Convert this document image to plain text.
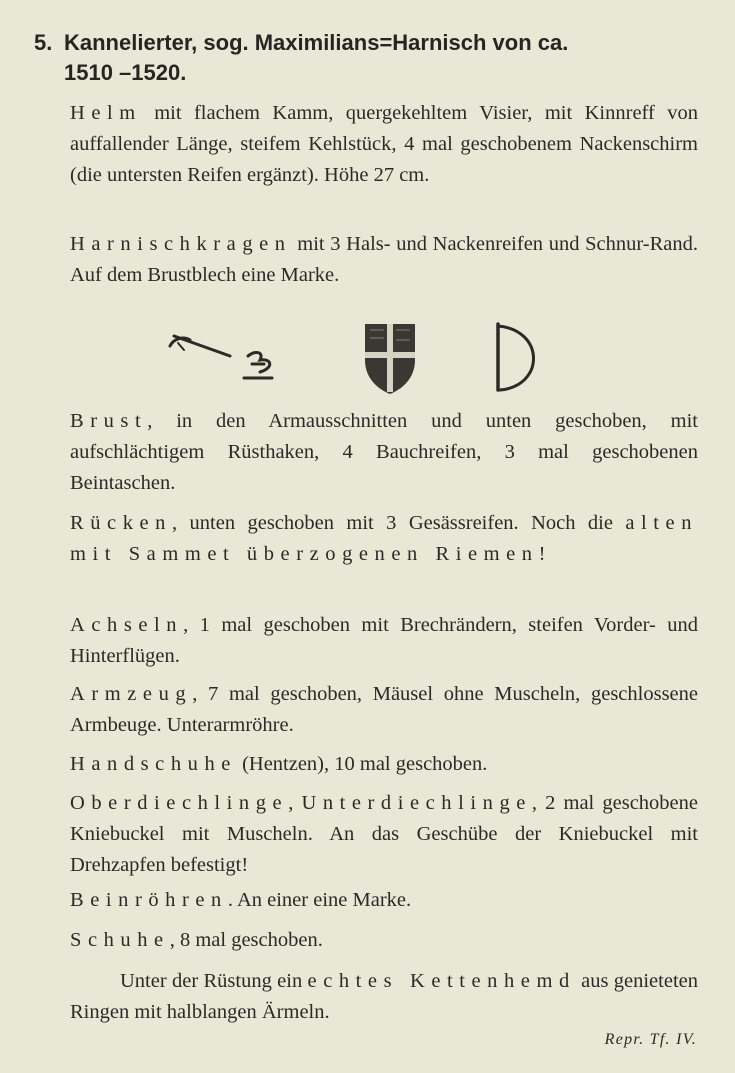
5. Kannelierter, sog. Maximilians=Harnisch von ca.
1510 –1520.

Helm mit flachem Kamm, quergekehltem Visier, mit Kinnreff von auffallender Länge, steifem Kehlstück, 4 mal geschobenem Nackenschirm (die untersten Reifen ergänzt). Höhe 27 cm.

Harnischkragen mit 3 Hals- und Nackenreifen und Schnur-Rand. Auf dem Brustblech eine Marke.

Brust, in den Armausschnitten und unten geschoben, mit aufschlächtigem Rüsthaken, 4 Bauchreifen, 3 mal geschobenen Beintaschen.

Rücken, unten geschoben mit 3 Gesässreifen. Noch die alten mit Sammet überzogenen Riemen!

Achseln, 1 mal geschoben mit Brechrändern, steifen Vorder- und Hinterflügen.

Armzeug, 7 mal geschoben, Mäusel ohne Muscheln, geschlossene Armbeuge. Unterarmröhre.

Handschuhe (Hentzen), 10 mal geschoben.

Oberdiechlinge, Unterdiechlinge, 2 mal geschobene Kniebuckel mit Muscheln. An das Geschübe der Kniebuckel mit Drehzapfen befestigt!

Beinröhren. An einer eine Marke.

Schuhe, 8 mal geschoben.

Unter der Rüstung ein echtes Kettenhemd aus genieteten Ringen mit halblangen Ärmeln.

Repr. Tf. IV.
